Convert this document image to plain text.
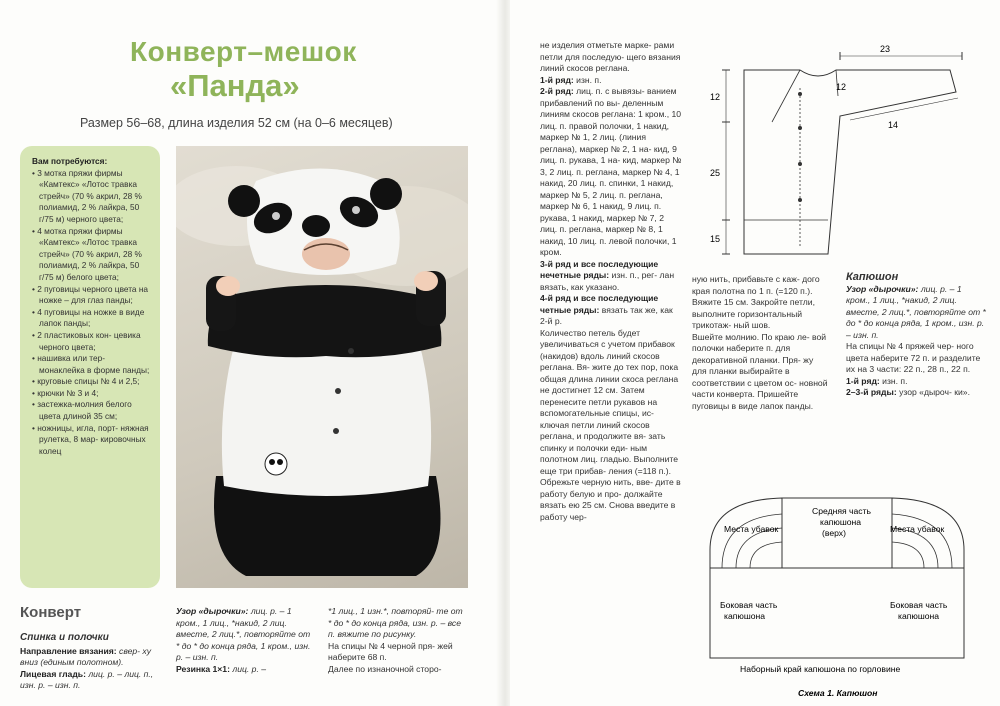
Конверт–мешок
«Панда»
Размер 56–68, длина изделия 52 см (на 0–6 месяцев)
Вам потребуются:
• 3 мотка пряжи фирмы «Камтекс» «Лотос травка стрейч» (70 % акрил, 28 % полиамид, 2 % лайкра, 50 г/75 м) черного цвета;
• 4 мотка пряжи фирмы «Камтекс» «Лотос травка стрейч» (70 % акрил, 28 % полиамид, 2 % лайкра, 50 г/75 м) белого цвета;
• 2 пуговицы черного цвета на ножке – для глаз панды;
• 4 пуговицы на ножке в виде лапок панды;
• 2 пластиковых кон- цевика черного цвета;
• нашивка или тер- монаклейка в форме панды;
• круговые спицы № 4 и 2,5;
• крючки № 3 и 4;
• застежка-молния белого цвета длиной 35 см;
• ножницы, игла, порт- няжная рулетка, 8 мар- кировочных колец
Конверт
Спинка и полочки
Направление вязания: свер- ху вниз (единым полотном).
Лицевая гладь: лиц. р. – лиц. п., изн. р. – изн. п.
Узор «дырочки»: лиц. р. – 1 кром., 1 лиц., *накид, 2 лиц. вместе, 2 лиц.*, повторяйте от * до * до конца ряда, 1 кром., изн. р. – изн. п.
Резинка 1×1: лиц. р. –
*1 лиц., 1 изн.*, повторяй- те от * до * до конца ряда, изн. р. – все п. вяжите по рисунку.
На спицы № 4 черной пря- жей наберите 68 п.
Далее по изнаночной сторо-
не изделия отметьте марке- рами петли для последую- щего вязания линий скосов реглана.
1-й ряд: изн. п.
2-й ряд: лиц. п. с вывязы- ванием прибавлений по вы- деленным линиям скосов реглана: 1 кром., 10 лиц. п. правой полочки, 1 накид, маркер № 1, 2 лиц. (линия реглана), маркер № 2, 1 на- кид, 9 лиц. п. рукава, 1 на- кид, маркер № 3, 2 лиц. п. реглана, маркер № 4, 1 накид, 20 лиц. п. спинки, 1 накид, маркер № 5, 2 лиц. п. реглана, маркер № 6, 1 накид, 9 лиц. п. рукава, 1 накид, маркер № 7, 2 лиц. п. реглана, маркер № 8, 1 накид, 10 лиц. п. левой полочки, 1 кром.
3-й ряд и все последующие нечетные ряды: изн. п., рег- лан вязать, как указано.
4-й ряд и все последующие четные ряды: вязать так же, как 2-й р.
Количество петель будет увеличиваться с учетом прибавок (накидов) вдоль линий скосов реглана. Вя- жите до тех пор, пока общая длина линии скоса реглана не достигнет 12 см. Затем перенесите петли рукавов на вспомогательные спицы, ис- ключая петли линий скосов реглана, и продолжите вя- зать спинку и полочки еди- ным полотном лиц. гладью. Выполните еще три прибав- ления (=118 п.).
Обрежьте черную нить, вве- дите в работу белую и про- должайте вязать ею 25 см. Снова введите в работу чер-
ную нить, прибавьте с каж- дого края полотна по 1 п. (=120 п.). Вяжите 15 см. Закройте петли, выполните горизонтальный трикотаж- ный шов.
Вшейте молнию. По краю ле- вой полочки наберите п. для декоративной планки. Пря- жу для планки выбирайте в соответствии с цветом ос- новной части конверта. Пришейте пуговицы в виде лапок панды.
Капюшон
Узор «дырочки»: лиц. р. – 1 кром., 1 лиц., *накид, 2 лиц. вместе, 2 лиц.*, повторяйте от * до * до конца ряда, 1 кром., изн. р. – изн. п.
На спицы № 4 пряжей чер- ного цвета наберите 72 п. и разделите их на 3 части: 22 п., 28 п., 22 п.
1-й ряд: изн. п.
2–3-й ряды: узор «дыроч- ки».
23
12
12
14
25
15
Средняя часть капюшона (верх)
Места убавок	Места убавок
Боковая часть капюшона
Боковая часть капюшона
Наборный край капюшона по горловине
Схема 1. Капюшон
